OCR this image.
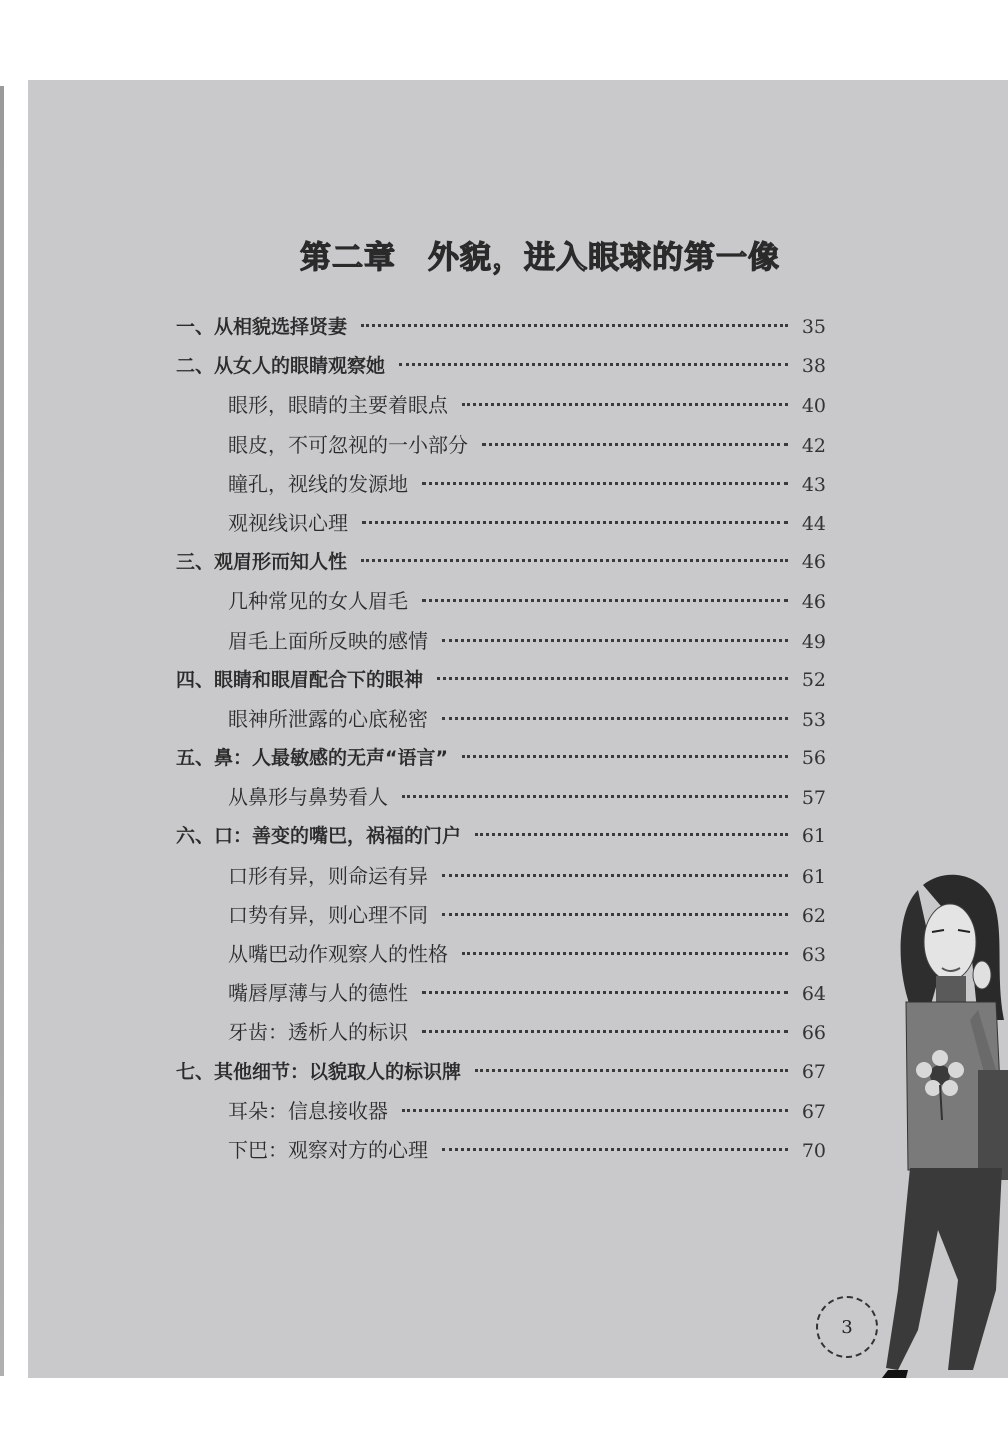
第二章　外貌，进入眼球的第一像
一、从相貌选择贤妻	35
二、从女人的眼睛观察她	38
眼形，眼睛的主要着眼点	40
眼皮，不可忽视的一小部分	42
瞳孔，视线的发源地	43
观视线识心理	44
三、观眉形而知人性	46
几种常见的女人眉毛	46
眉毛上面所反映的感情	49
四、眼睛和眼眉配合下的眼神	52
眼神所泄露的心底秘密	53
五、鼻：人最敏感的无声“语言”	56
从鼻形与鼻势看人	57
六、口：善变的嘴巴，祸福的门户	61
口形有异，则命运有异	61
口势有异，则心理不同	62
从嘴巴动作观察人的性格	63
嘴唇厚薄与人的德性	64
牙齿：透析人的标识	66
七、其他细节：以貌取人的标识牌	67
耳朵：信息接收器	67
下巴：观察对方的心理	70
3
